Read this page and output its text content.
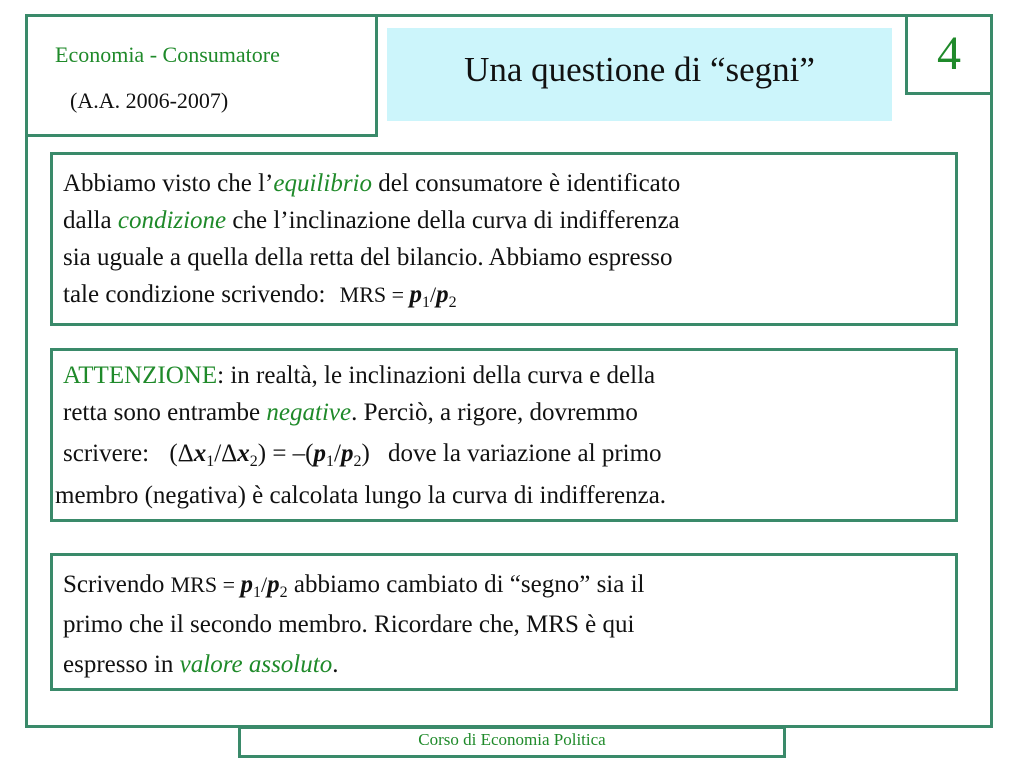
Economia - Consumatore
(A.A. 2006-2007)
Una questione di “segni”	4
Abbiamo visto che l’equilibrio del consumatore è identificato
dalla condizione che l’inclinazione della curva di indifferenza
sia uguale a quella della retta del bilancio. Abbiamo espresso
tale condizione scrivendo: MRS = $p_1/p_2$
ATTENZIONE: in realtà, le inclinazioni della curva e della
retta sono entrambe negative. Perciò, a rigore, dovremmo
scrivere: $(\Delta x_1/\Delta x_2) = -(p_1/p_2)$ dove la variazione al primo
membro (negativa) è calcolata lungo la curva di indifferenza.
Scrivendo MRS = $p_1/p_2$ abbiamo cambiato di “segno” sia il
primo che il secondo membro. Ricordare che, MRS è qui
espresso in valore assoluto.
Corso di Economia Politica
